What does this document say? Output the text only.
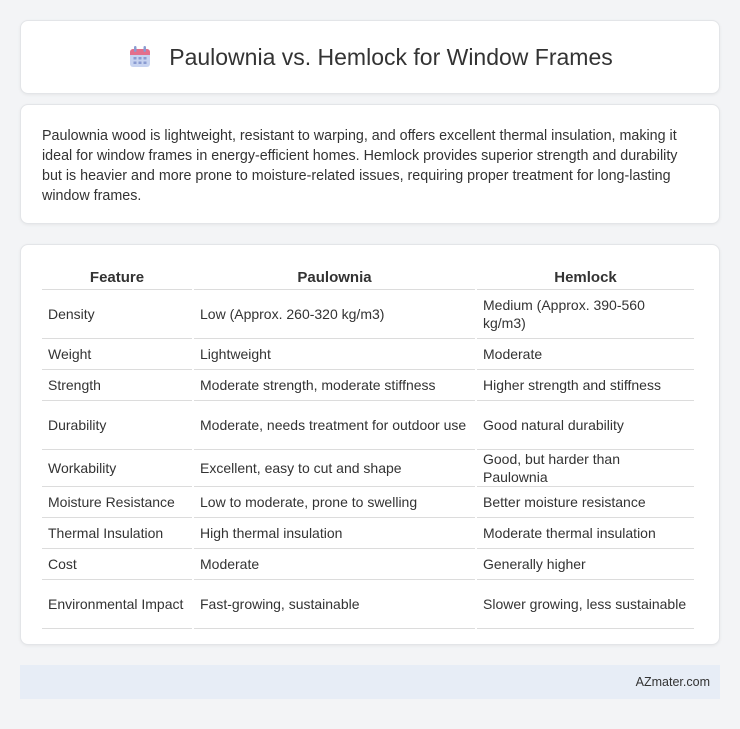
Paulownia vs. Hemlock for Window Frames

Paulownia wood is lightweight, resistant to warping, and offers excellent thermal insulation, making it ideal for window frames in energy-efficient homes. Hemlock provides superior strength and durability but is heavier and more prone to moisture-related issues, requiring proper treatment for long-lasting window frames.

Feature	Paulownia	Hemlock
Density	Low (Approx. 260-320 kg/m3)	Medium (Approx. 390-560 kg/m3)
Weight	Lightweight	Moderate
Strength	Moderate strength, moderate stiffness	Higher strength and stiffness
Durability	Moderate, needs treatment for outdoor use	Good natural durability
Workability	Excellent, easy to cut and shape	Good, but harder than Paulownia
Moisture Resistance	Low to moderate, prone to swelling	Better moisture resistance
Thermal Insulation	High thermal insulation	Moderate thermal insulation
Cost	Moderate	Generally higher
Environmental Impact	Fast-growing, sustainable	Slower growing, less sustainable
AZmater.com
